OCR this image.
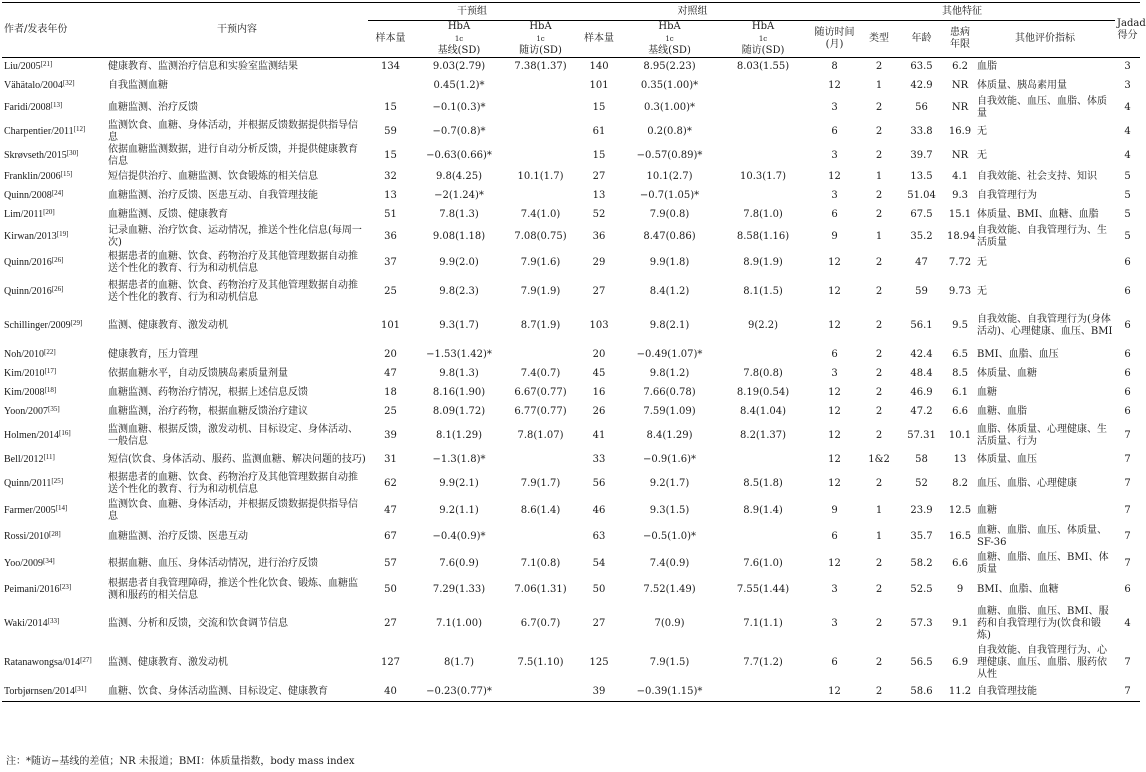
作者/发表年份	干预内容	干预组			对照组			其他特征					Jadad
得分

		样本量	HbA
1c
基线(SD)	HbA
1c
随访(SD)	样本量	HbA
1c
基线(SD)	HbA
1c
随访(SD)	随访时间
(月)	类型	年龄	患病
年限	其他评价指标	
Liu/2005[21]	健康教育、监测治疗信息和实验室监测结果	134	9.03(2.79)	7.38(1.37)	140	8.95(2.23)	8.03(1.55)	8	2	63.5	6.2	血脂	3
Vähätalo/2004[32]	自我监测血糖		0.45(1.2)*		101	0.35(1.00)*		12	1	42.9	NR	体质量、胰岛素用量	3
Faridi/2008[13]	血糖监测、治疗反馈	15	−0.1(0.3)*		15	0.3(1.00)*		3	2	56	NR	自我效能、血压、血脂、体质量	4
Charpentier/2011[12]	监测饮食、血糖、身体活动，并根据反馈数据提供指导信息	59	−0.7(0.8)*		61	0.2(0.8)*		6	2	33.8	16.9	无	4
Skrøvseth/2015[30]	依据血糖监测数据，进行自动分析反馈，并提供健康教育信息	15	−0.63(0.66)*		15	−0.57(0.89)*		3	2	39.7	NR	无	4
Franklin/2006[15]	短信提供治疗、血糖监测、饮食锻炼的相关信息	32	9.8(4.25)	10.1(1.7)	27	10.1(2.7)	10.3(1.7)	12	1	13.5	4.1	自我效能、社会支持、知识	5
Quinn/2008[24]	血糖监测、治疗反馈、医患互动、自我管理技能	13	−2(1.24)*		13	−0.7(1.05)*		3	2	51.04	9.3	自我管理行为	5
Lim/2011[20]	血糖监测、反馈、健康教育	51	7.8(1.3)	7.4(1.0)	52	7.9(0.8)	7.8(1.0)	6	2	67.5	15.1	体质量、BMI、血糖、血脂	5
Kirwan/2013[19]	记录血糖、治疗饮食、运动情况，推送个性化信息(每周一次)	36	9.08(1.18)	7.08(0.75)	36	8.47(0.86)	8.58(1.16)	9	1	35.2	18.94	自我效能、自我管理行为、生活质量	5
Quinn/2016[26]	根据患者的血糖、饮食、药物治疗及其他管理数据自动推送个性化的教育、行为和动机信息	37	9.9(2.0)	7.9(1.6)	29	9.9(1.8)	8.9(1.9)	12	2	47	7.72	无	6
Quinn/2016[26]	根据患者的血糖、饮食、药物治疗及其他管理数据自动推送个性化的教育、行为和动机信息	25	9.8(2.3)	7.9(1.9)	27	8.4(1.2)	8.1(1.5)	12	2	59	9.73	无	6
Schillinger/2009[29]	监测、健康教育、激发动机	101	9.3(1.7)	8.7(1.9)	103	9.8(2.1)	9(2.2)	12	2	56.1	9.5	自我效能、自我管理行为(身体活动)、心理健康、血压、BMI	6
Noh/2010[22]	健康教育，压力管理	20	−1.53(1.42)*		20	−0.49(1.07)*		6	2	42.4	6.5	BMI、血脂、血压	6
Kim/2010[17]	依据血糖水平，自动反馈胰岛素质量剂量	47	9.8(1.3)	7.4(0.7)	45	9.8(1.2)	7.8(0.8)	3	2	48.4	8.5	体质量、血糖	6
Kim/2008[18]	血糖监测、药物治疗情况，根据上述信息反馈	18	8.16(1.90)	6.67(0.77)	16	7.66(0.78)	8.19(0.54)	12	2	46.9	6.1	血糖	6
Yoon/2007[35]	血糖监测，治疗药物，根据血糖反馈治疗建议	25	8.09(1.72)	6.77(0.77)	26	7.59(1.09)	8.4(1.04)	12	2	47.2	6.6	血糖、血脂	6
Holmen/2014[16]	监测血糖、根据反馈，激发动机、目标设定、身体活动、一般信息	39	8.1(1.29)	7.8(1.07)	41	8.4(1.29)	8.2(1.37)	12	2	57.31	10.1	血脂、体质量、心理健康、生活质量、行为	7
Bell/2012[11]	短信(饮食、身体活动、服药、监测血糖、解决问题的技巧)	31	−1.3(1.8)*		33	−0.9(1.6)*		12	1&2	58	13	体质量、血压	7
Quinn/2011[25]	根据患者的血糖、饮食、药物治疗及其他管理数据自动推送个性化的教育、行为和动机信息	62	9.9(2.1)	7.9(1.7)	56	9.2(1.7)	8.5(1.8)	12	2	52	8.2	血压、血脂、心理健康	7
Farmer/2005[14]	监测饮食、血糖、身体活动，并根据反馈数据提供指导信息	47	9.2(1.1)	8.6(1.4)	46	9.3(1.5)	8.9(1.4)	9	1	23.9	12.5	血糖	7
Rossi/2010[28]	血糖监测、治疗反馈、医患互动	67	−0.4(0.9)*		63	−0.5(1.0)*		6	1	35.7	16.5	血糖、血脂、血压、体质量、SF-36	7
Yoo/2009[34]	根据血糖、血压、身体活动情况，进行治疗反馈	57	7.6(0.9)	7.1(0.8)	54	7.4(0.9)	7.6(1.0)	12	2	58.2	6.6	血糖、血脂、血压、BMI、体质量	7
Peimani/2016[23]	根据患者自我管理障碍，推送个性化饮食、锻炼、血糖监测和服药的相关信息	50	7.29(1.33)	7.06(1.31)	50	7.52(1.49)	7.55(1.44)	3	2	52.5	9	BMI、血脂、血糖	6
Waki/2014[33]	监测、分析和反馈，交流和饮食调节信息	27	7.1(1.00)	6.7(0.7)	27	7(0.9)	7.1(1.1)	3	2	57.3	9.1	血糖、血脂、血压、BMI、服药和自我管理行为(饮食和锻炼)	4
Ratanawongsa/014[27]	监测、健康教育、激发动机	127	8(1.7)	7.5(1.10)	125	7.9(1.5)	7.7(1.2)	6	2	56.5	6.9	自我效能、自我管理行为、心理健康、血压、血脂、服药依从性	7
Torbjørnsen/2014[31]	血糖、饮食、身体活动监测、目标设定、健康教育	40	−0.23(0.77)*		39	−0.39(1.15)*		12	2	58.6	11.2	自我管理技能	7
注：*随访−基线的差值；NR 未报道；BMI：体质量指数，body mass index
